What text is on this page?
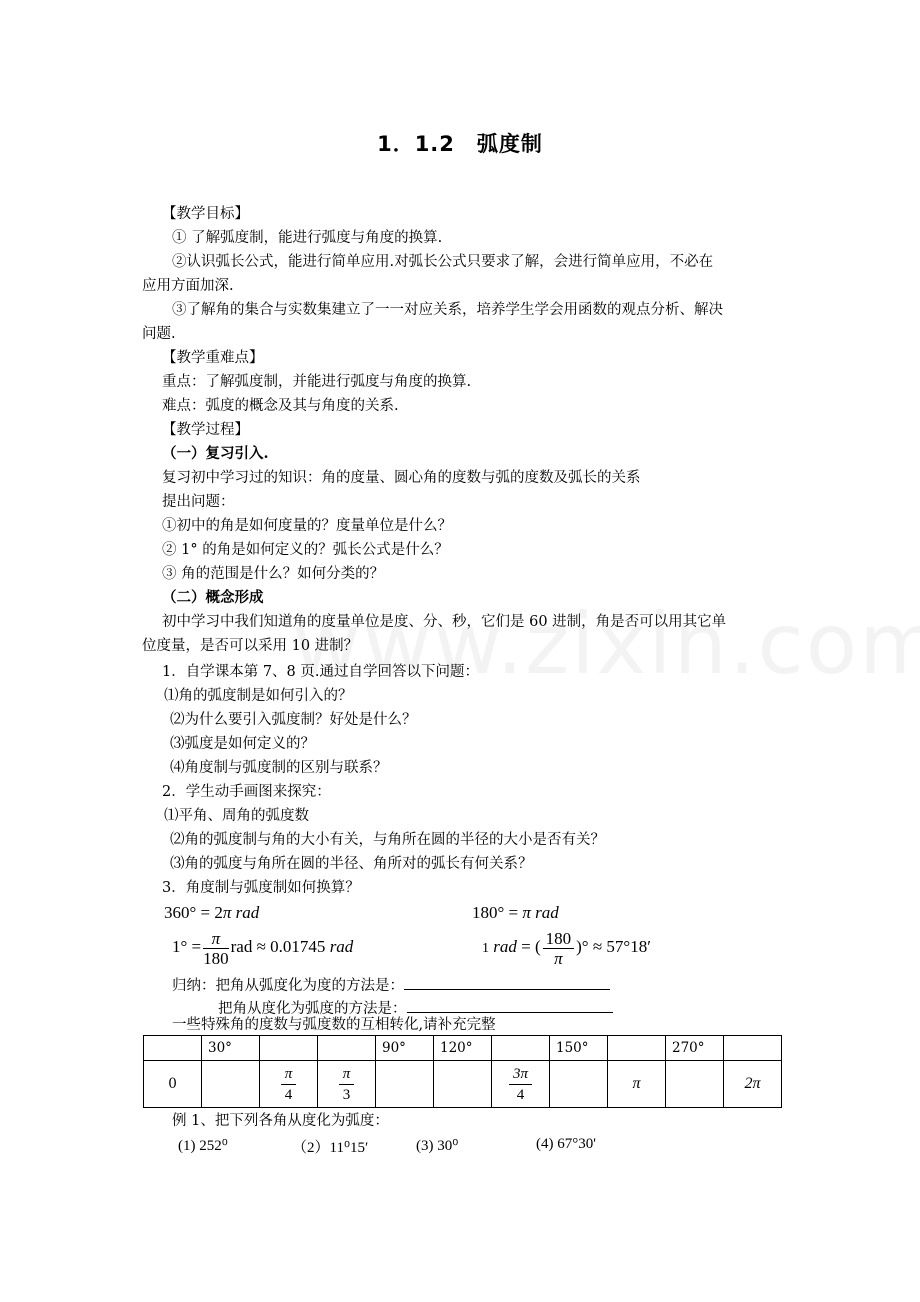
1．1.2　弧度制
【教学目标】
① 了解弧度制，能进行弧度与角度的换算.
②认识弧长公式，能进行简单应用.对弧长公式只要求了解，会进行简单应用，不必在
应用方面加深.
③了解角的集合与实数集建立了一一对应关系，培养学生学会用函数的观点分析、解决
问题.
【教学重难点】
重点：了解弧度制，并能进行弧度与角度的换算.
难点：弧度的概念及其与角度的关系.
【教学过程】
（一）复习引入.
复习初中学习过的知识：角的度量、圆心角的度数与弧的度数及弧长的关系
提出问题：
①初中的角是如何度量的？度量单位是什么？
② 1° 的角是如何定义的？弧长公式是什么？
③ 角的范围是什么？如何分类的？
（二）概念形成
初中学习中我们知道角的度量单位是度、分、秒，它们是 60 进制，角是否可以用其它单
位度量，是否可以采用 10 进制？
1．自学课本第 7、8 页.通过自学回答以下问题：
⑴角的弧度制是如何引入的？
⑵为什么要引入弧度制？好处是什么？
⑶弧度是如何定义的？
⑷角度制与弧度制的区别与联系？
2．学生动手画图来探究：
⑴平角、周角的弧度数
⑵角的弧度制与角的大小有关，与角所在圆的半径的大小是否有关？
⑶角的弧度与角所在圆的半径、角所对的弧长有何关系？
3．角度制与弧度制如何换算？
360° = 2π rad	180° = π rad
$1^\circ = \frac{\pi}{180}$ rad ≈ 0.01745 rad	1 rad = ( $\frac{180}{\pi}$ )° ≈ 57°18′
归纳：把角从弧度化为度的方法是：
把角从度化为弧度的方法是：
一些特殊角的度数与弧度数的互相转化,请补充完整
	30°			90°	120°		150°		270°	
0		$\frac{\pi}{4}$	$\frac{\pi}{3}$			$\frac{3\pi}{4}$		π		2π
例 1、把下列各角从度化为弧度：
(1) 252⁰	（2）11⁰15′	(3) 30⁰	(4) 67°30'
